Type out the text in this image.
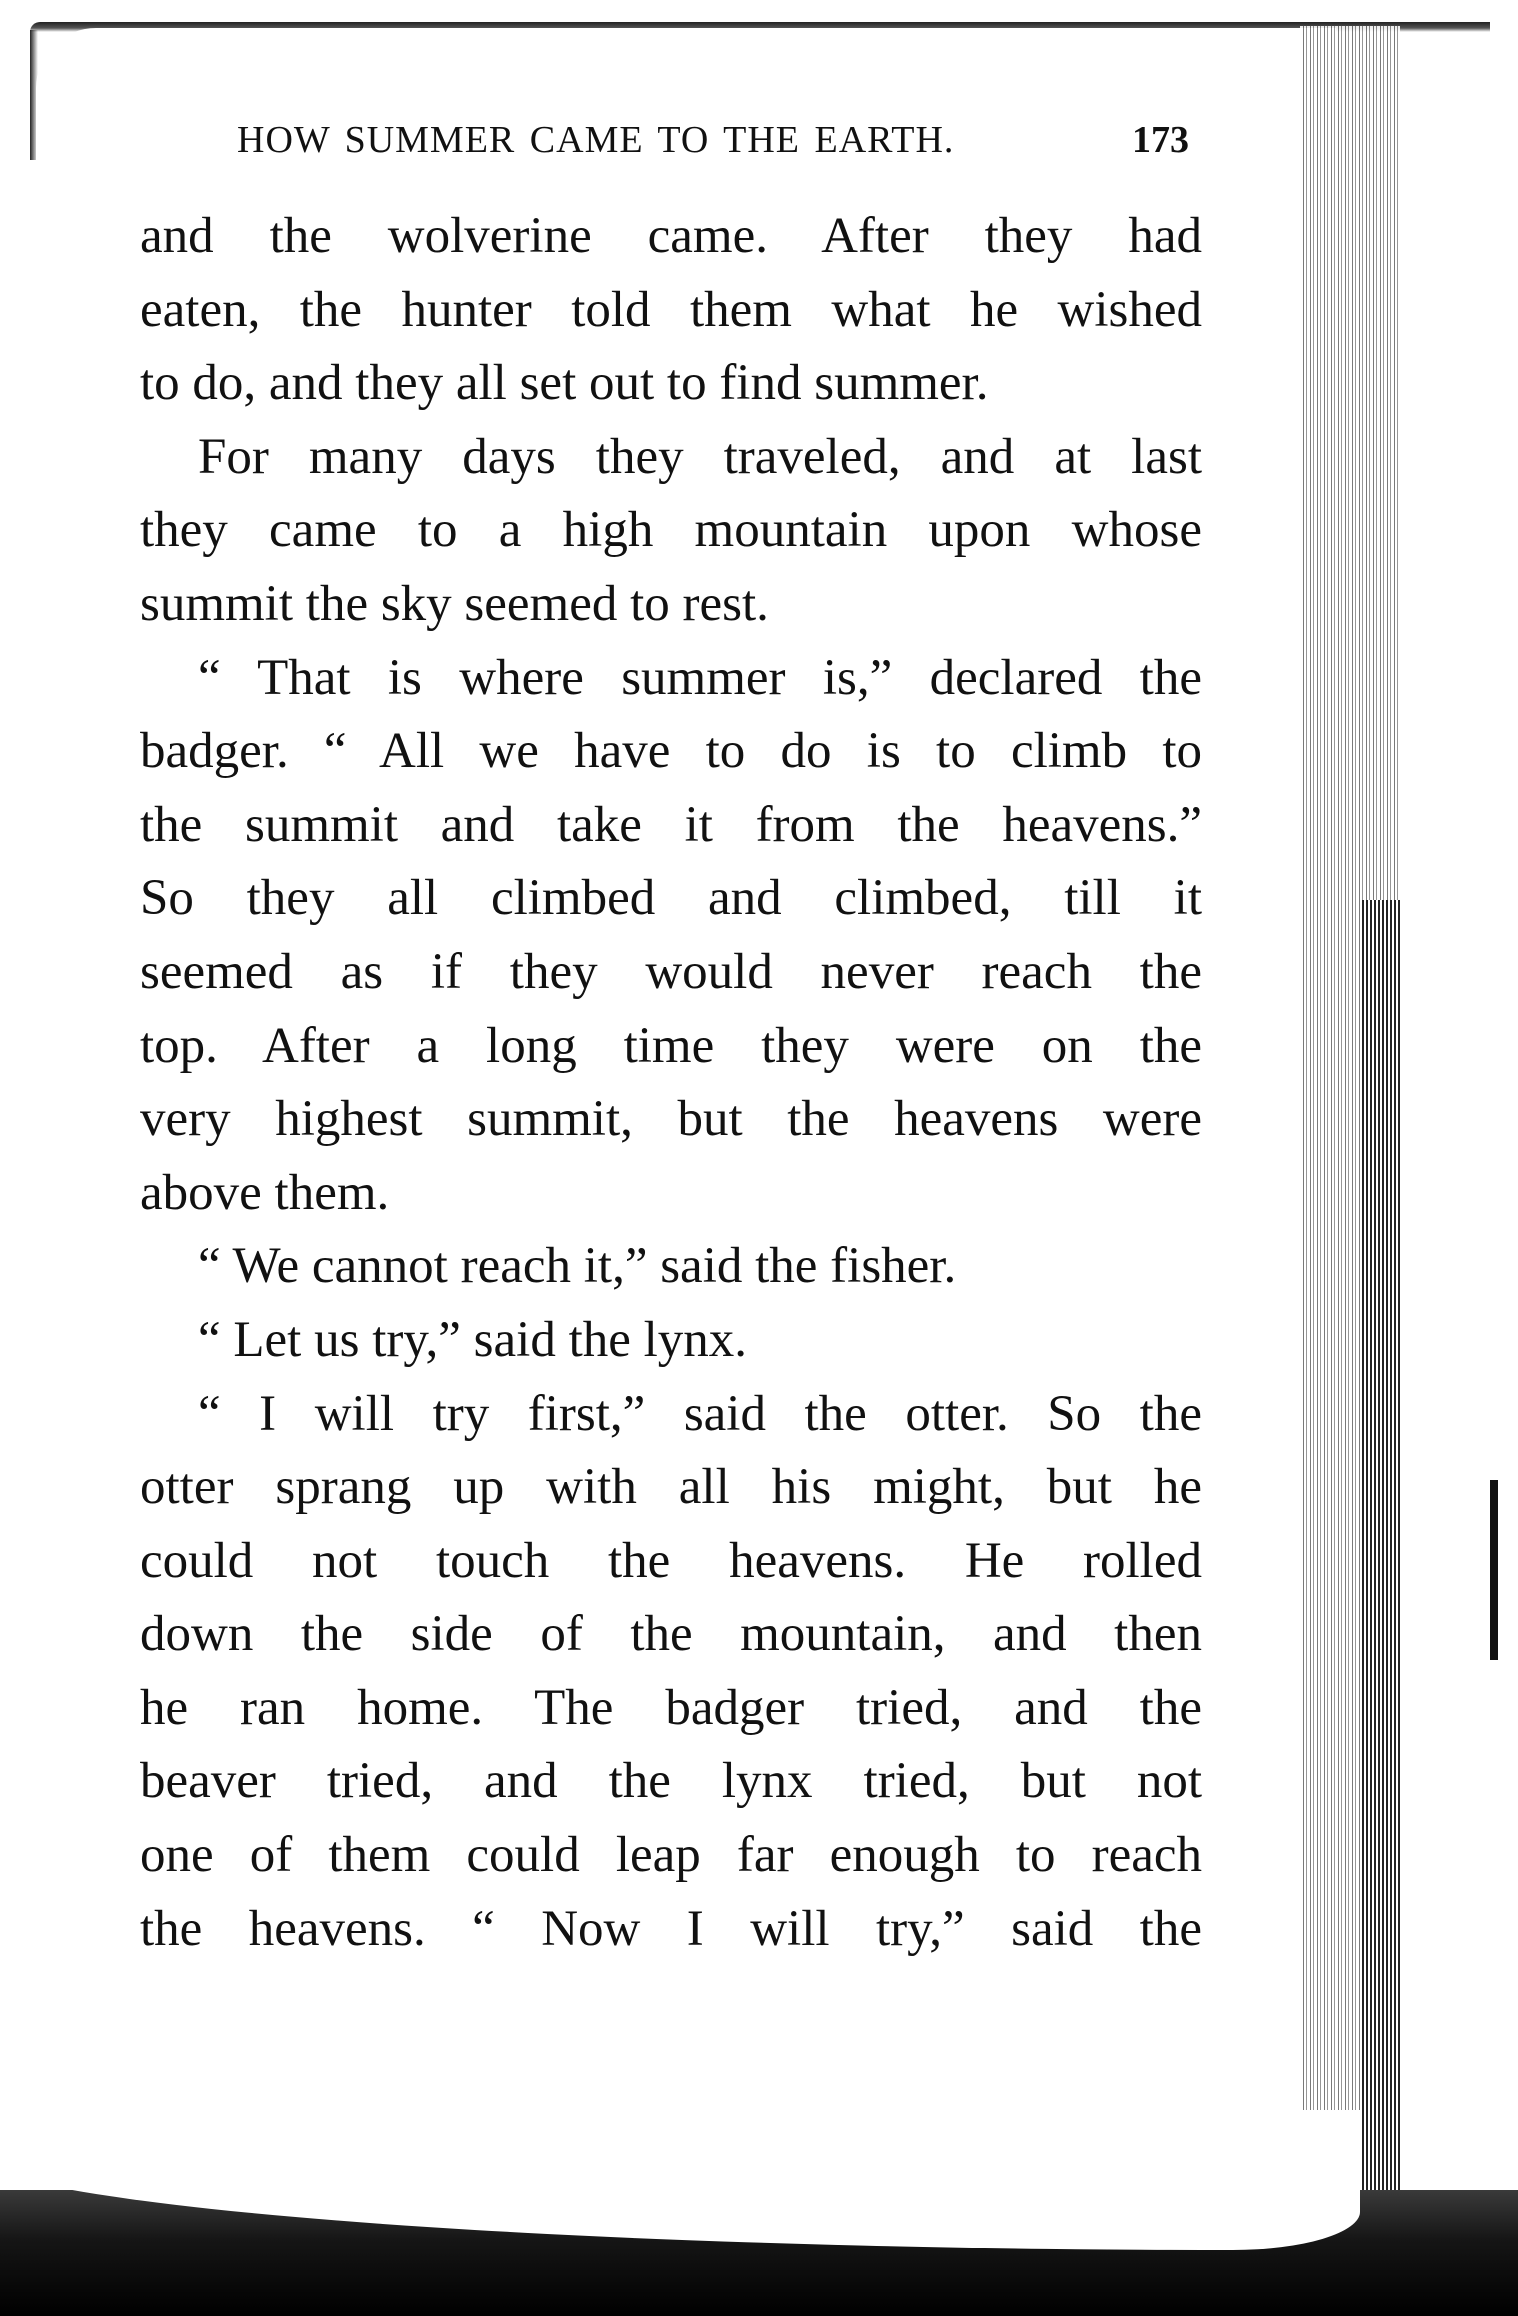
HOW SUMMER CAME TO THE EARTH.	173
and the wolverine came. After they had
eaten, the hunter told them what he wished
to do, and they all set out to find summer.
For many days they traveled, and at last
they came to a high mountain upon whose
summit the sky seemed to rest.
“ That is where summer is,” declared the
badger. “ All we have to do is to climb to
the summit and take it from the heavens.”
So they all climbed and climbed, till it
seemed as if they would never reach the
top. After a long time they were on the
very highest summit, but the heavens were
above them.
“ We cannot reach it,” said the fisher.
“ Let us try,” said the lynx.
“ I will try first,” said the otter. So the
otter sprang up with all his might, but he
could not touch the heavens. He rolled
down the side of the mountain, and then
he ran home. The badger tried, and the
beaver tried, and the lynx tried, but not
one of them could leap far enough to reach
the heavens. “ Now I will try,” said the
